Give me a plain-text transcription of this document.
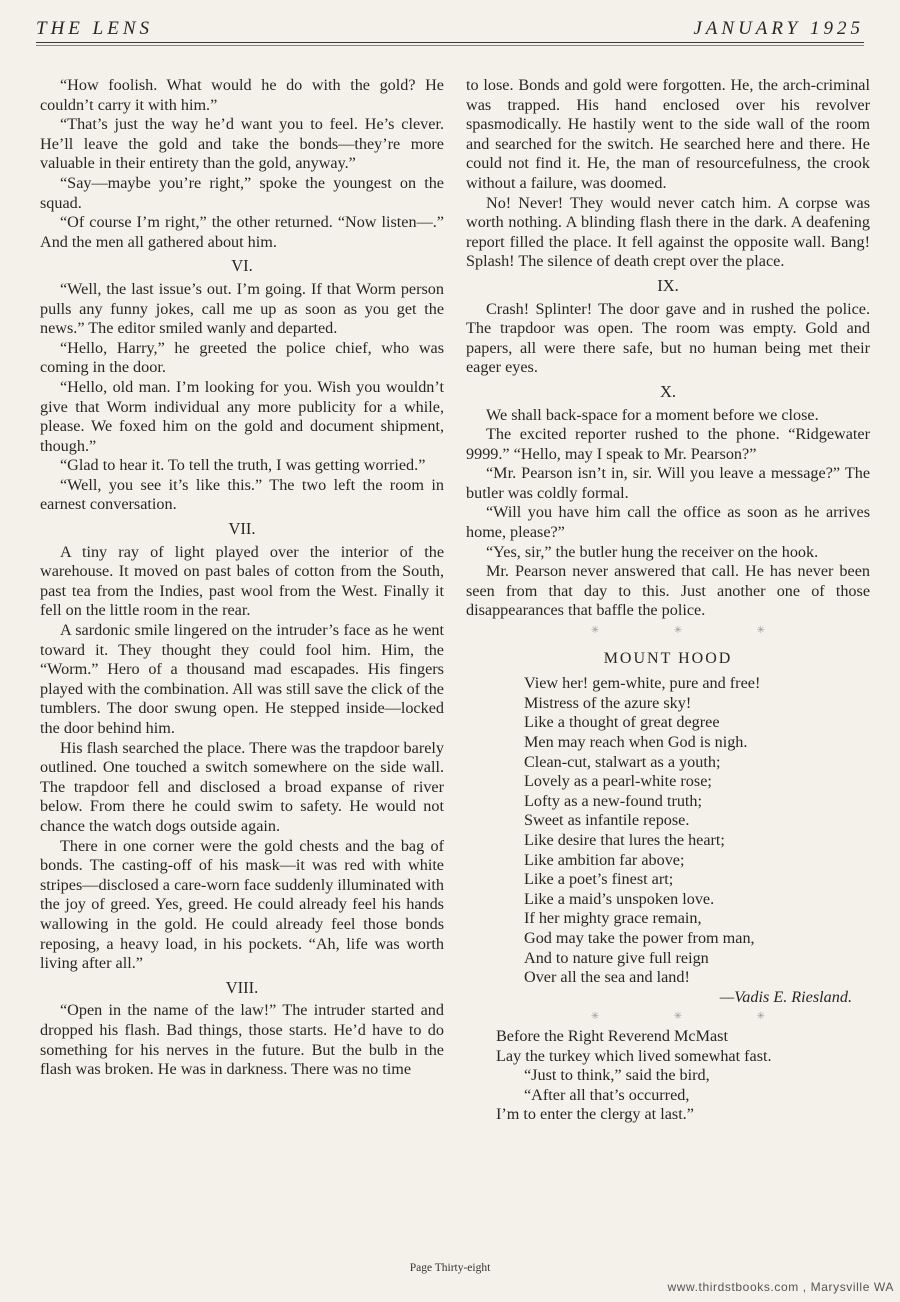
THE LENS	JANUARY 1925

“How foolish. What would he do with the gold? He couldn’t carry it with him.”

“That’s just the way he’d want you to feel. He’s clever. He’ll leave the gold and take the bonds—they’re more valuable in their entirety than the gold, anyway.”

“Say—maybe you’re right,” spoke the youngest on the squad.

“Of course I’m right,” the other returned. “Now listen—.” And the men all gathered about him.

VI.

“Well, the last issue’s out. I’m going. If that Worm person pulls any funny jokes, call me up as soon as you get the news.” The editor smiled wanly and departed.

“Hello, Harry,” he greeted the police chief, who was coming in the door.

“Hello, old man. I’m looking for you. Wish you wouldn’t give that Worm individual any more publicity for a while, please. We foxed him on the gold and document shipment, though.”

“Glad to hear it. To tell the truth, I was getting worried.”

“Well, you see it’s like this.” The two left the room in earnest conversation.

VII.

A tiny ray of light played over the interior of the warehouse. It moved on past bales of cotton from the South, past tea from the Indies, past wool from the West. Finally it fell on the little room in the rear.

A sardonic smile lingered on the intruder’s face as he went toward it. They thought they could fool him. Him, the “Worm.” Hero of a thousand mad escapades. His fingers played with the combination. All was still save the click of the tumblers. The door swung open. He stepped inside—locked the door behind him.

His flash searched the place. There was the trapdoor barely outlined. One touched a switch somewhere on the side wall. The trapdoor fell and disclosed a broad expanse of river below. From there he could swim to safety. He would not chance the watch dogs outside again.

There in one corner were the gold chests and the bag of bonds. The casting-off of his mask—it was red with white stripes—disclosed a care-worn face suddenly illuminated with the joy of greed. Yes, greed. He could already feel his hands wallowing in the gold. He could already feel those bonds reposing, a heavy load, in his pockets. “Ah, life was worth living after all.”

VIII.

“Open in the name of the law!” The intruder started and dropped his flash. Bad things, those starts. He’d have to do something for his nerves in the future. But the bulb in the flash was broken. He was in darkness. There was no time

to lose. Bonds and gold were forgotten. He, the arch-criminal was trapped. His hand enclosed over his revolver spasmodically. He hastily went to the side wall of the room and searched for the switch. He searched here and there. He could not find it. He, the man of resourcefulness, the crook without a failure, was doomed.

No! Never! They would never catch him. A corpse was worth nothing. A blinding flash there in the dark. A deafening report filled the place. It fell against the opposite wall. Bang! Splash! The silence of death crept over the place.

IX.

Crash! Splinter! The door gave and in rushed the police. The trapdoor was open. The room was empty. Gold and papers, all were there safe, but no human being met their eager eyes.

X.

We shall back-space for a moment before we close.

The excited reporter rushed to the phone. “Ridgewater 9999.” “Hello, may I speak to Mr. Pearson?”

“Mr. Pearson isn’t in, sir. Will you leave a message?” The butler was coldly formal.

“Will you have him call the office as soon as he arrives home, please?”

“Yes, sir,” the butler hung the receiver on the hook.

Mr. Pearson never answered that call. He has never been seen from that day to this. Just another one of those disappearances that baffle the police.

✳ ✳ ✳

MOUNT HOOD
View her! gem-white, pure and free!
Mistress of the azure sky!
Like a thought of great degree
Men may reach when God is nigh.
Clean-cut, stalwart as a youth;
Lovely as a pearl-white rose;
Lofty as a new-found truth;
Sweet as infantile repose.
Like desire that lures the heart;
Like ambition far above;
Like a poet’s finest art;
Like a maid’s unspoken love.
If her mighty grace remain,
God may take the power from man,
And to nature give full reign
Over all the sea and land!
—Vadis E. Riesland.

✳ ✳ ✳

Before the Right Reverend McMast
Lay the turkey which lived somewhat fast.
“Just to think,” said the bird,
“After all that’s occurred,
I’m to enter the clergy at last.”
Page Thirty-eight
www.thirdstbooks.com , Marysville WA
